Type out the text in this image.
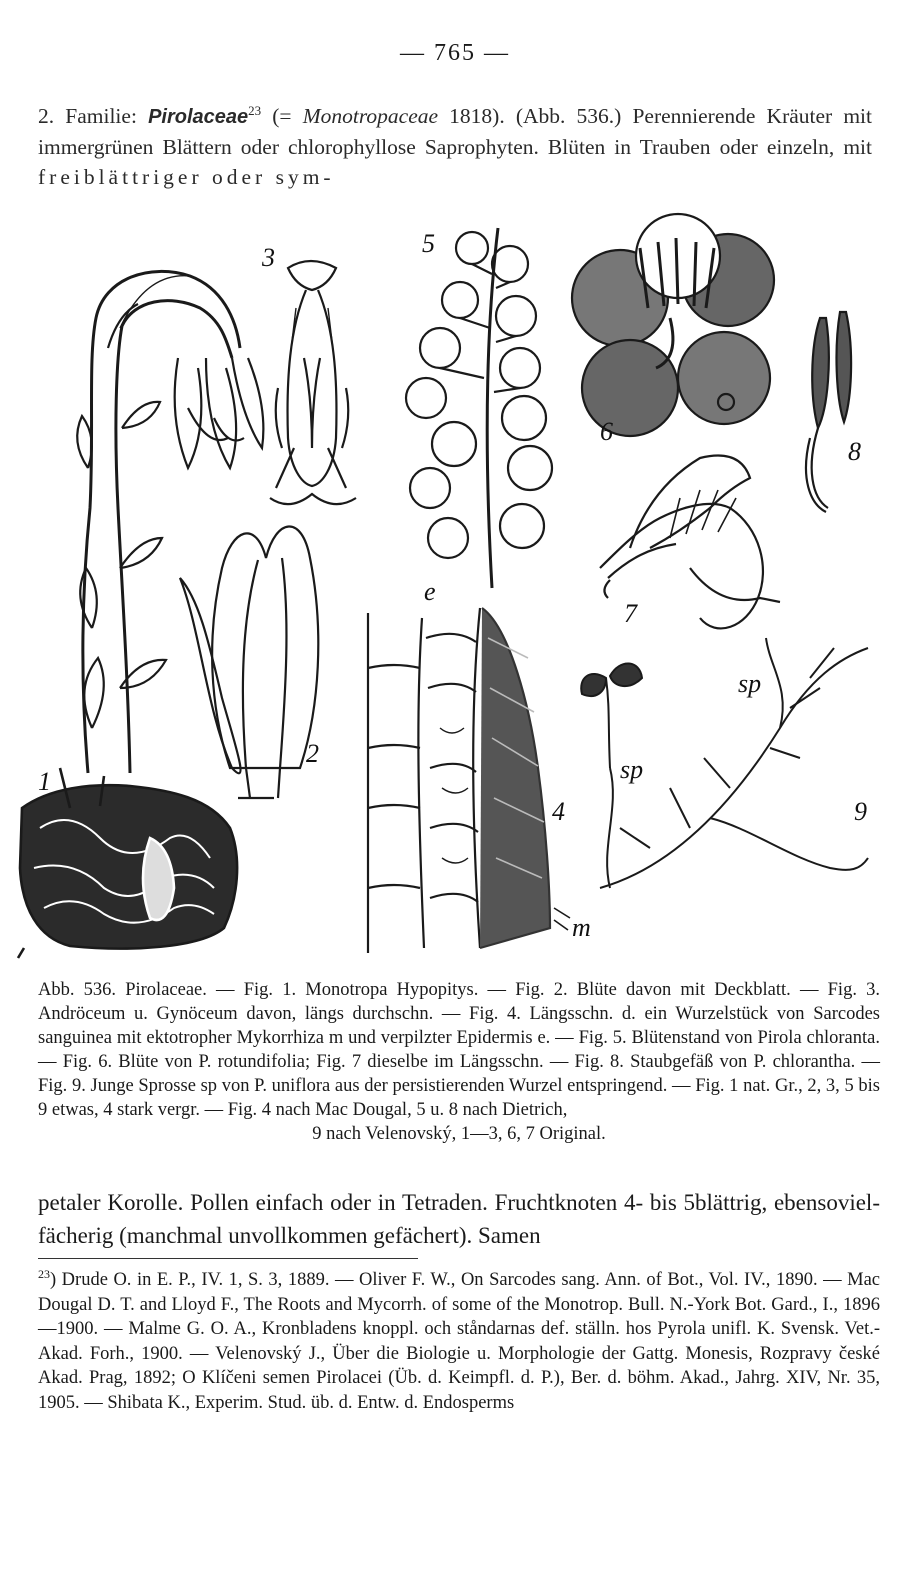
— 765 —
2. Familie: Pirolaceae$^{23}$ (= Monotropaceae 1818). (Abb. 536.) Perennierende Kräuter mit immergrünen Blättern oder chlorophyllose Saprophyten. Blüten in Trauben oder einzeln, mit freiblättriger oder sym-
1
2
3
4
5
6
7
8
9
e
m
sp
sp
Abb. 536. Pirolaceae. — Fig. 1. Monotropa Hypopitys. — Fig. 2. Blüte davon mit Deckblatt. — Fig. 3. Andröceum u. Gynöceum davon, längs durchschn. — Fig. 4. Längsschn. d. ein Wurzelstück von Sarcodes sanguinea mit ektotropher Mykorrhiza m und verpilzter Epidermis e. — Fig. 5. Blütenstand von Pirola chloranta. — Fig. 6. Blüte von P. rotundifolia; Fig. 7 dieselbe im Längsschn. — Fig. 8. Staubgefäß von P. chlorantha. — Fig. 9. Junge Sprosse sp von P. uniflora aus der persistierenden Wurzel entspringend. — Fig. 1 nat. Gr., 2, 3, 5 bis 9 etwas, 4 stark vergr. — Fig. 4 nach Mac Dougal, 5 u. 8 nach Dietrich,
9 nach Velenovský, 1—3, 6, 7 Original.
petaler Korolle. Pollen einfach oder in Tetraden. Fruchtknoten 4- bis 5blättrig, ebensoviel-fächerig (manchmal unvollkommen gefächert). Samen
$^{23}$) Drude O. in E. P., IV. 1, S. 3, 1889. — Oliver F. W., On Sarcodes sang. Ann. of Bot., Vol. IV., 1890. — Mac Dougal D. T. and Lloyd F., The Roots and Mycorrh. of some of the Monotrop. Bull. N.-York Bot. Gard., I., 1896—1900. — Malme G. O. A., Kronbladens knoppl. och ståndarnas def. ställn. hos Pyrola unifl. K. Svensk. Vet.-Akad. Forh., 1900. — Velenovský J., Über die Biologie u. Morphologie der Gattg. Monesis, Rozpravy české Akad. Prag, 1892; O Klíčeni semen Pirolacei (Üb. d. Keimpfl. d. P.), Ber. d. böhm. Akad., Jahrg. XIV, Nr. 35, 1905. — Shibata K., Experim. Stud. üb. d. Entw. d. Endosperms
